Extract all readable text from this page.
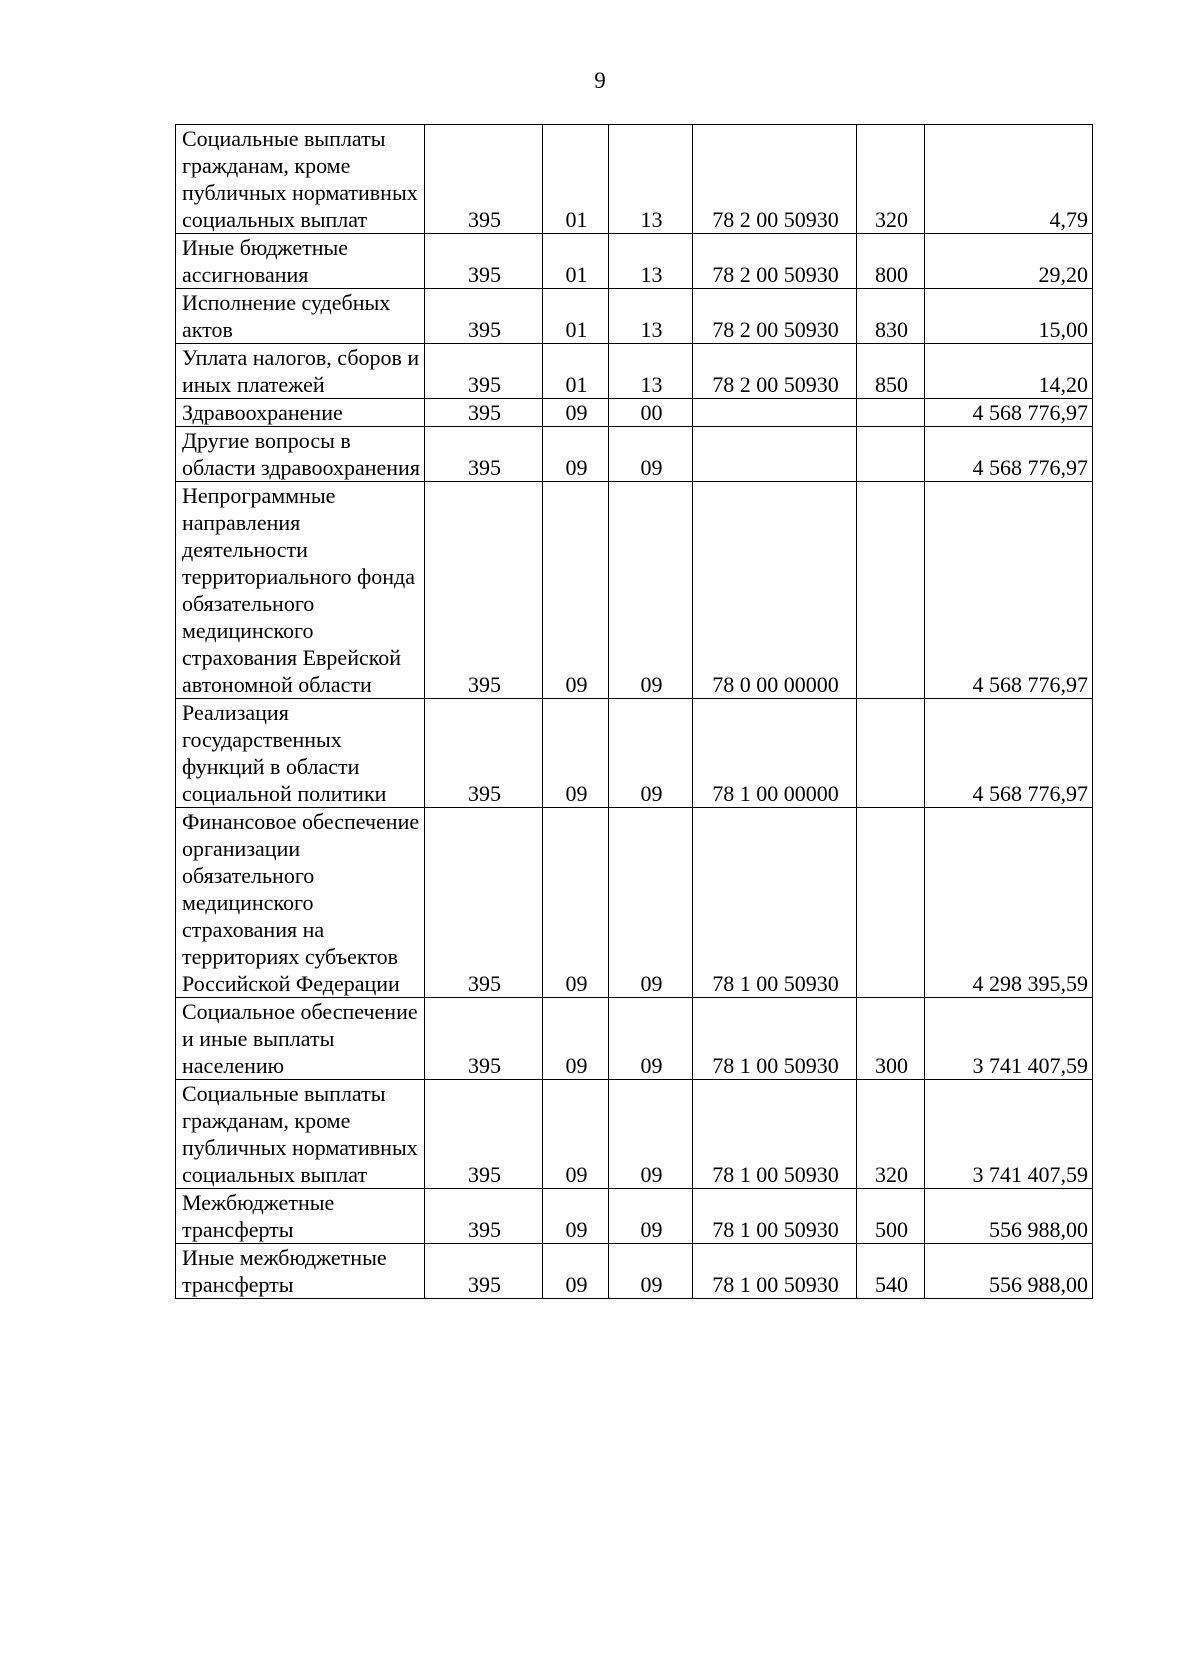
9
Социальные выплаты гражданам, кроме публичных нормативных социальных выплат	395	01	13	78 2 00 50930	320	4,79
Иные бюджетные ассигнования	395	01	13	78 2 00 50930	800	29,20
Исполнение судебных актов	395	01	13	78 2 00 50930	830	15,00
Уплата налогов, сборов и иных платежей	395	01	13	78 2 00 50930	850	14,20
Здравоохранение	395	09	00			4 568 776,97
Другие вопросы в области здравоохранения	395	09	09			4 568 776,97
Непрограммные направления деятельности территориального фонда обязательного медицинского страхования Еврейской автономной области	395	09	09	78 0 00 00000		4 568 776,97
Реализация государственных функций в области социальной политики	395	09	09	78 1 00 00000		4 568 776,97
Финансовое обеспечение организации обязательного медицинского страхования на территориях субъектов Российской Федерации	395	09	09	78 1 00 50930		4 298 395,59
Социальное обеспечение и иные выплаты населению	395	09	09	78 1 00 50930	300	3 741 407,59
Социальные выплаты гражданам, кроме публичных нормативных социальных выплат	395	09	09	78 1 00 50930	320	3 741 407,59
Межбюджетные трансферты	395	09	09	78 1 00 50930	500	556 988,00
Иные межбюджетные трансферты	395	09	09	78 1 00 50930	540	556 988,00
